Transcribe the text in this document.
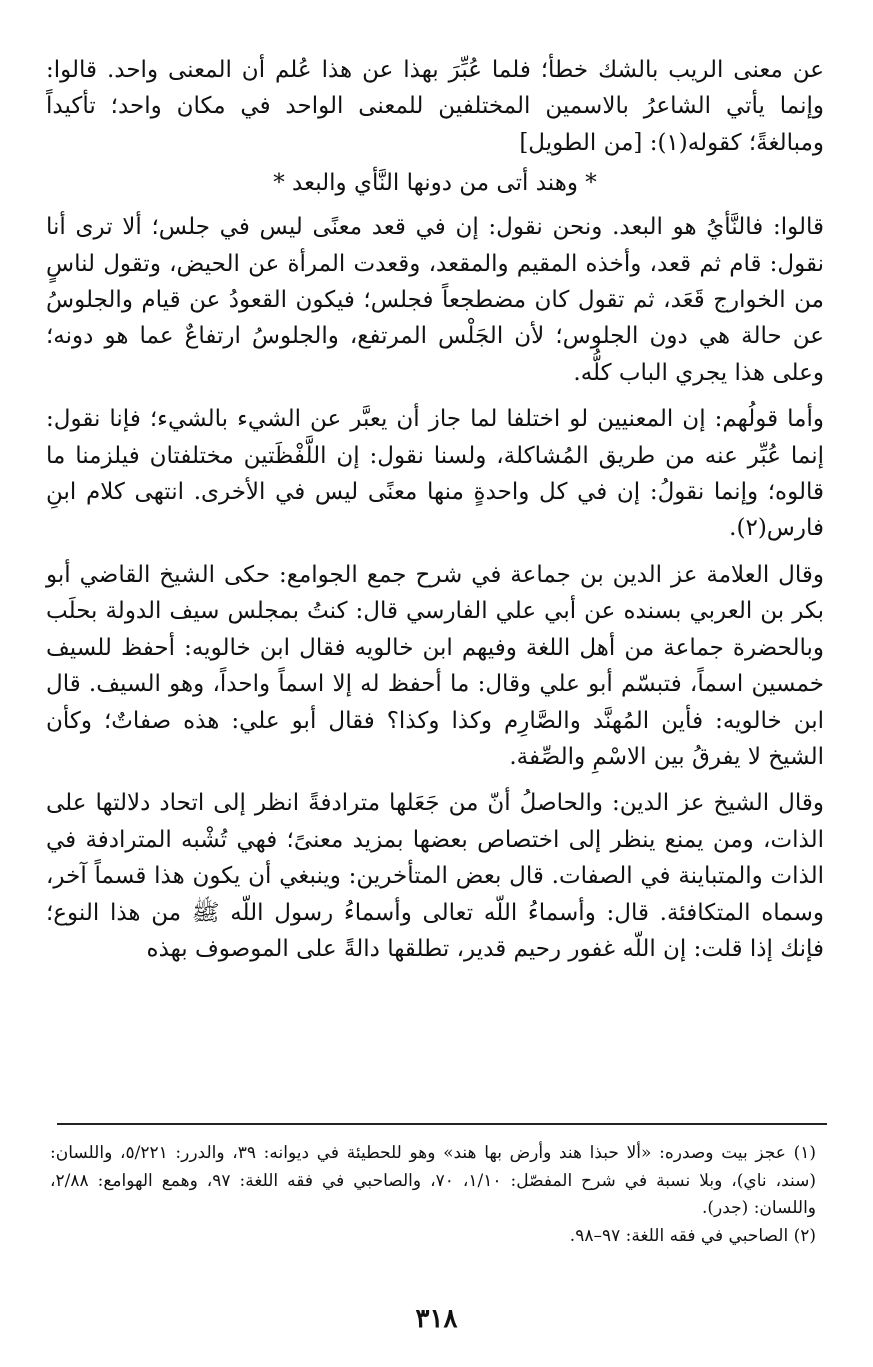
عن معنى الريب بالشك خطأ؛ فلما عُبِّرَ بهذا عن هذا عُلم أن المعنى واحد. قالوا: وإنما يأتي الشاعرُ بالاسمين المختلفين للمعنى الواحد في مكان واحد؛ تأكيداً ومبالغةً؛ كقوله(١): [من الطويل]

* وهند أتى من دونها النَّأي والبعد *

قالوا: فالنَّأيُ هو البعد. ونحن نقول: إن في قعد معنًى ليس في جلس؛ ألا ترى أنا نقول: قام ثم قعد، وأخذه المقيم والمقعد، وقعدت المرأة عن الحيض، وتقول لناسٍ من الخوارج قَعَد، ثم تقول كان مضطجعاً فجلس؛ فيكون القعودُ عن قيام والجلوسُ عن حالة هي دون الجلوس؛ لأن الجَلْس المرتفع، والجلوسُ ارتفاعٌ عما هو دونه؛ وعلى هذا يجري الباب كلُّه.

وأما قولُهم: إن المعنيين لو اختلفا لما جاز أن يعبَّر عن الشيء بالشيء؛ فإنا نقول: إنما عُبِّر عنه من طريق المُشاكلة، ولسنا نقول: إن اللَّفْظَتين مختلفتان فيلزمنا ما قالوه؛ وإنما نقولُ: إن في كل واحدةٍ منها معنًى ليس في الأخرى. انتهى كلام ابنِ فارس(٢).

وقال العلامة عز الدين بن جماعة في شرح جمع الجوامع: حكى الشيخ القاضي أبو بكر بن العربي بسنده عن أبي علي الفارسي قال: كنتُ بمجلس سيف الدولة بحلَب وبالحضرة جماعة من أهل اللغة وفيهم ابن خالويه فقال ابن خالويه: أحفظ للسيف خمسين اسماً، فتبسّم أبو علي وقال: ما أحفظ له إلا اسماً واحداً، وهو السيف. قال ابن خالويه: فأين المُهنَّد والصَّارِم وكذا وكذا؟ فقال أبو علي: هذه صفاتٌ؛ وكأن الشيخ لا يفرقُ بين الاسْمِ والصِّفة.

وقال الشيخ عز الدين: والحاصلُ أنّ من جَعَلها مترادفةً انظر إلى اتحاد دلالتها على الذات، ومن يمنع ينظر إلى اختصاص بعضها بمزيد معنىً؛ فهي تُشْبه المترادفة في الذات والمتباينة في الصفات. قال بعض المتأخرين: وينبغي أن يكون هذا قسماً آخر، وسماه المتكافئة. قال: وأسماءُ اللّه تعالى وأسماءُ رسول اللّه ﷺ من هذا النوع؛ فإنك إذا قلت: إن اللّه غفور رحيم قدير، تطلقها دالةً على الموصوف بهذه

(١) عجز بيت وصدره: «ألا حبذا هند وأرض بها هند» وهو للحطيئة في ديوانه: ٣٩، والدرر: ٥/٢٢١، واللسان: (سند، ناي)، وبلا نسبة في شرح المفصّل: ١/١٠، ٧٠، والصاحبي في فقه اللغة: ٩٧، وهمع الهوامع: ٢/٨٨، واللسان: (جدر).

(٢) الصاحبي في فقه اللغة: ٩٧–٩٨.

٣١٨
